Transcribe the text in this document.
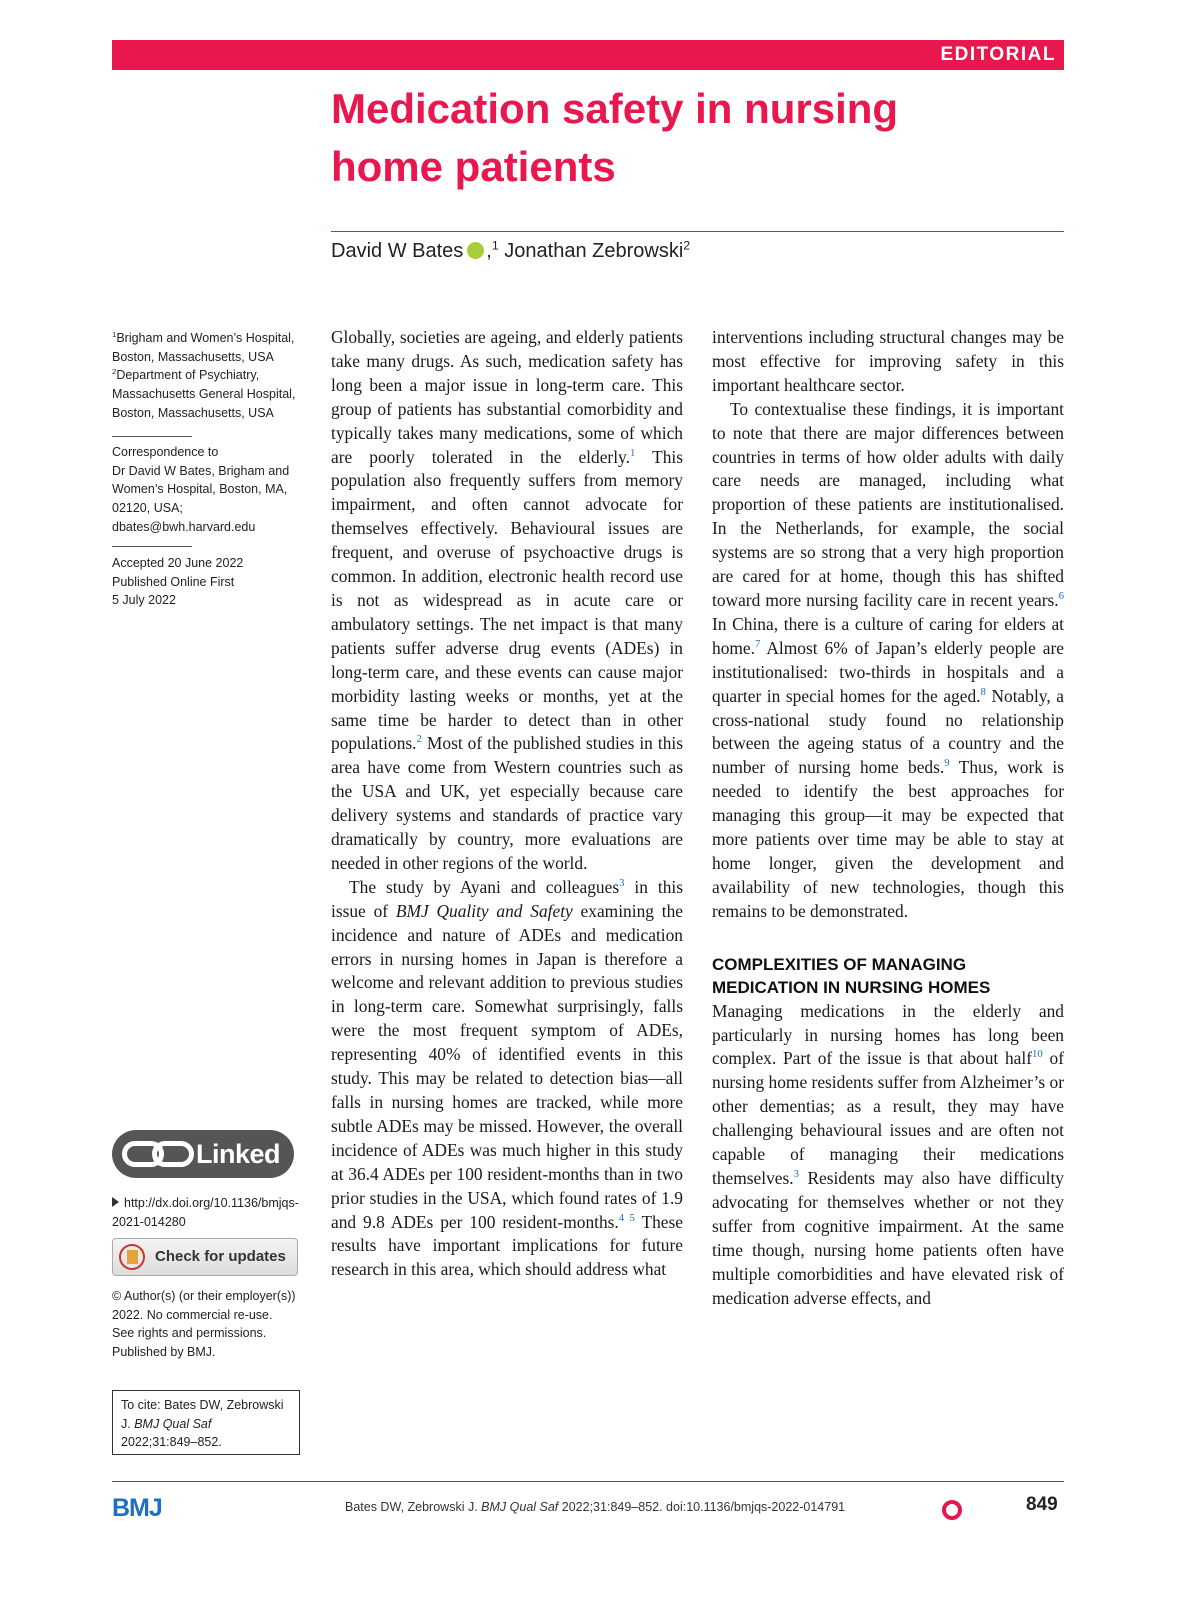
EDITORIAL
Medication safety in nursing
home patients
David W Bates ,$^1$ Jonathan Zebrowski$^2$
$^1$Brigham and Women’s Hospital, Boston, Massachusetts, USA
$^2$Department of Psychiatry, Massachusetts General Hospital, Boston, Massachusetts, USA
Correspondence to
Dr David W Bates, Brigham and Women’s Hospital, Boston, MA, 02120, USA; dbates@bwh.harvard.edu
Accepted 20 June 2022
Published Online First
5 July 2022
Linked
http://dx.doi.org/10.1136/bmjqs-2021-014280
Check for updates
© Author(s) (or their employer(s)) 2022. No commercial re-use. See rights and permissions. Published by BMJ.
To cite: Bates DW, Zebrowski J. BMJ Qual Saf 2022;31:849–852.

Globally, societies are ageing, and elderly patients take many drugs. As such, medication safety has long been a major issue in long-term care. This group of patients has substantial comorbidity and typically takes many medications, some of which are poorly tolerated in the elderly.$^1$ This population also frequently suffers from memory impairment, and often cannot advocate for themselves effectively. Behavioural issues are frequent, and overuse of psychoactive drugs is common. In addition, electronic health record use is not as widespread as in acute care or ambulatory settings. The net impact is that many patients suffer adverse drug events (ADEs) in long-term care, and these events can cause major morbidity lasting weeks or months, yet at the same time be harder to detect than in other populations.$^2$ Most of the published studies in this area have come from Western countries such as the USA and UK, yet especially because care delivery systems and standards of practice vary dramatically by country, more evaluations are needed in other regions of the world.

The study by Ayani and colleagues$^3$ in this issue of BMJ Quality and Safety examining the incidence and nature of ADEs and medication errors in nursing homes in Japan is therefore a welcome and relevant addition to previous studies in long-term care. Somewhat surprisingly, falls were the most frequent symptom of ADEs, representing 40% of identified events in this study. This may be related to detection bias—all falls in nursing homes are tracked, while more subtle ADEs may be missed. However, the overall incidence of ADEs was much higher in this study at 36.4 ADEs per 100 resident-months than in two prior studies in the USA, which found rates of 1.9 and 9.8 ADEs per 100 resident-months.$^{4 5}$ These results have important implications for future research in this area, which should address what

interventions including structural changes may be most effective for improving safety in this important healthcare sector.

To contextualise these findings, it is important to note that there are major differences between countries in terms of how older adults with daily care needs are managed, including what proportion of these patients are institutionalised. In the Netherlands, for example, the social systems are so strong that a very high proportion are cared for at home, though this has shifted toward more nursing facility care in recent years.$^6$ In China, there is a culture of caring for elders at home.$^7$ Almost 6% of Japan’s elderly people are institutionalised: two-thirds in hospitals and a quarter in special homes for the aged.$^8$ Notably, a cross-national study found no relationship between the ageing status of a country and the number of nursing home beds.$^9$ Thus, work is needed to identify the best approaches for managing this group—it may be expected that more patients over time may be able to stay at home longer, given the development and availability of new technologies, though this remains to be demonstrated.

COMPLEXITIES OF MANAGING
MEDICATION IN NURSING HOMES

Managing medications in the elderly and particularly in nursing homes has long been complex. Part of the issue is that about half$^{10}$ of nursing home residents suffer from Alzheimer’s or other dementias; as a result, they may have challenging behavioural issues and are often not capable of managing their medications themselves.$^3$ Residents may also have difficulty advocating for themselves whether or not they suffer from cognitive impairment. At the same time though, nursing home patients often have multiple comorbidities and have elevated risk of medication adverse effects, and

BMJ	Bates DW, Zebrowski J. BMJ Qual Saf 2022;31:849–852. doi:10.1136/bmjqs-2022-014791	849
